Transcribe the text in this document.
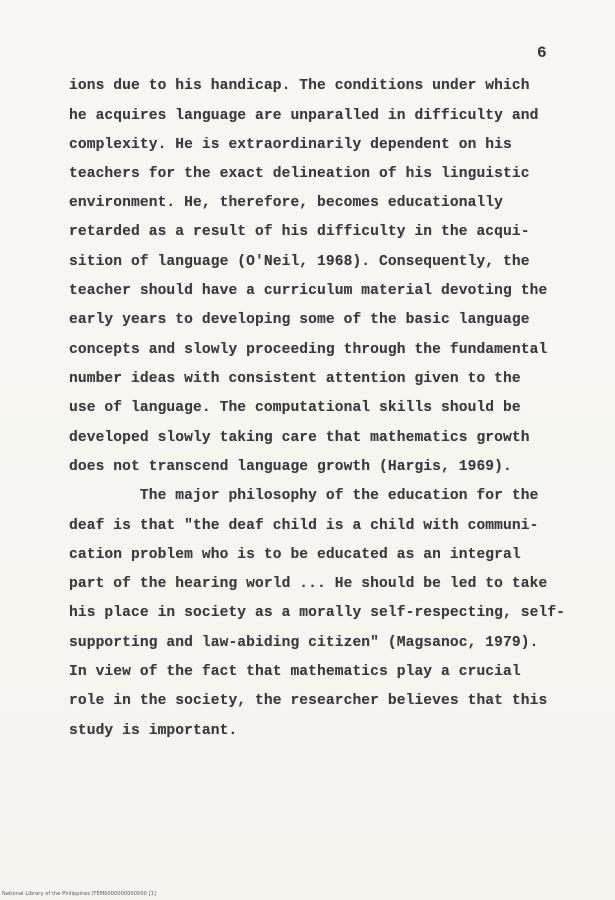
6
ions due to his handicap. The conditions under which
he acquires language are unparalled in difficulty and
complexity. He is extraordinarily dependent on his
teachers for the exact delineation of his linguistic
environment. He, therefore, becomes educationally
retarded as a result of his difficulty in the acqui-
sition of language (O'Neil, 1968). Consequently, the
teacher should have a curriculum material devoting the
early years to developing some of the basic language
concepts and slowly proceeding through the fundamental
number ideas with consistent attention given to the
use of language. The computational skills should be
developed slowly taking care that mathematics growth
does not transcend language growth (Hargis, 1969).
The major philosophy of the education for the
deaf is that "the deaf child is a child with communi-
cation problem who is to be educated as an integral
part of the hearing world ... He should be led to take
his place in society as a morally self-respecting, self-
supporting and law-abiding citizen" (Magsanoc, 1979).
In view of the fact that mathematics play a crucial
role in the society, the researcher believes that this
study is important.
National Library of the Philippines ITEM0000000000000 [1]
